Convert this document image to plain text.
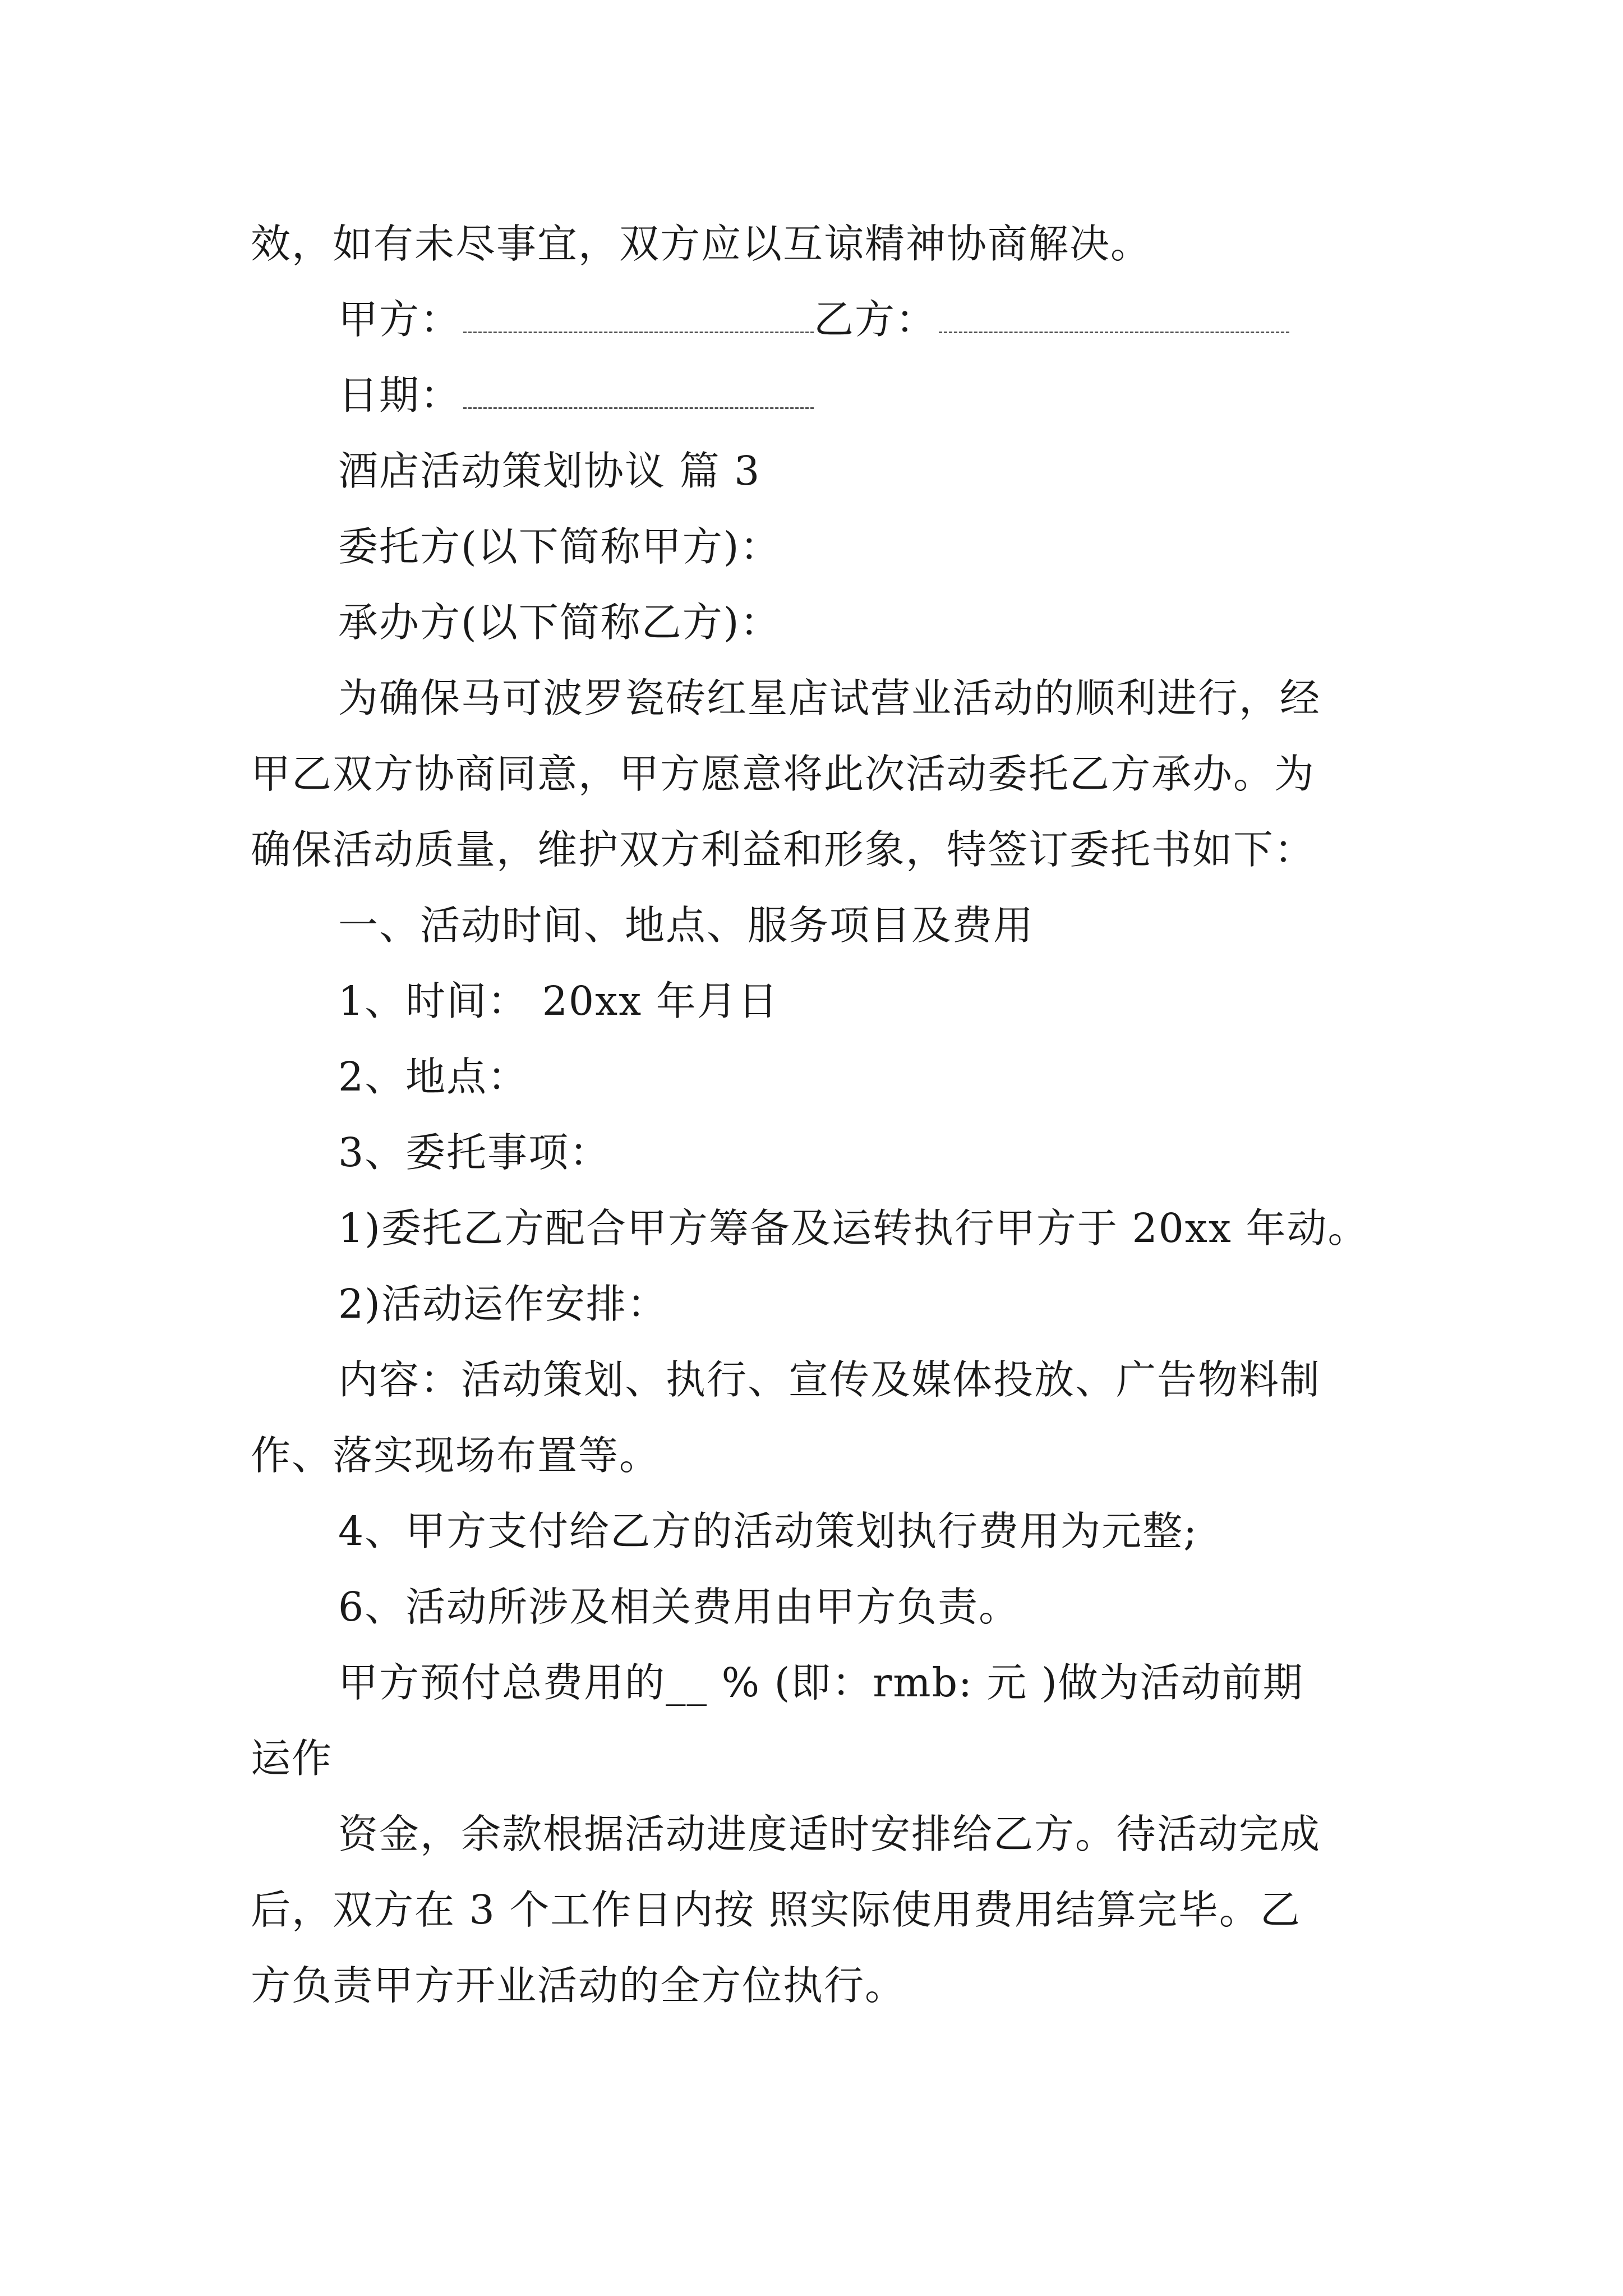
效，如有未尽事宜，双方应以互谅精神协商解决。
甲方：	乙方：
日期：
酒店活动策划协议 篇 3
委托方(以下简称甲方)：
承办方(以下简称乙方)：
为确保马可波罗瓷砖红星店试营业活动的顺利进行，经
甲乙双方协商同意，甲方愿意将此次活动委托乙方承办。为
确保活动质量，维护双方利益和形象，特签订委托书如下：
一、活动时间、地点、服务项目及费用
1、时间： 20xx 年月日
2、地点：
3、委托事项：
1)委托乙方配合甲方筹备及运转执行甲方于 20xx 年动。
2)活动运作安排：
内容：活动策划、执行、宣传及媒体投放、广告物料制
作、落实现场布置等。
4、甲方支付给乙方的活动策划执行费用为元整;
6、活动所涉及相关费用由甲方负责。
甲方预付总费用的__ % (即：rmb: 元 )做为活动前期
运作
资金，余款根据活动进度适时安排给乙方。待活动完成
后，双方在 3 个工作日内按 照实际使用费用结算完毕。乙
方负责甲方开业活动的全方位执行。
